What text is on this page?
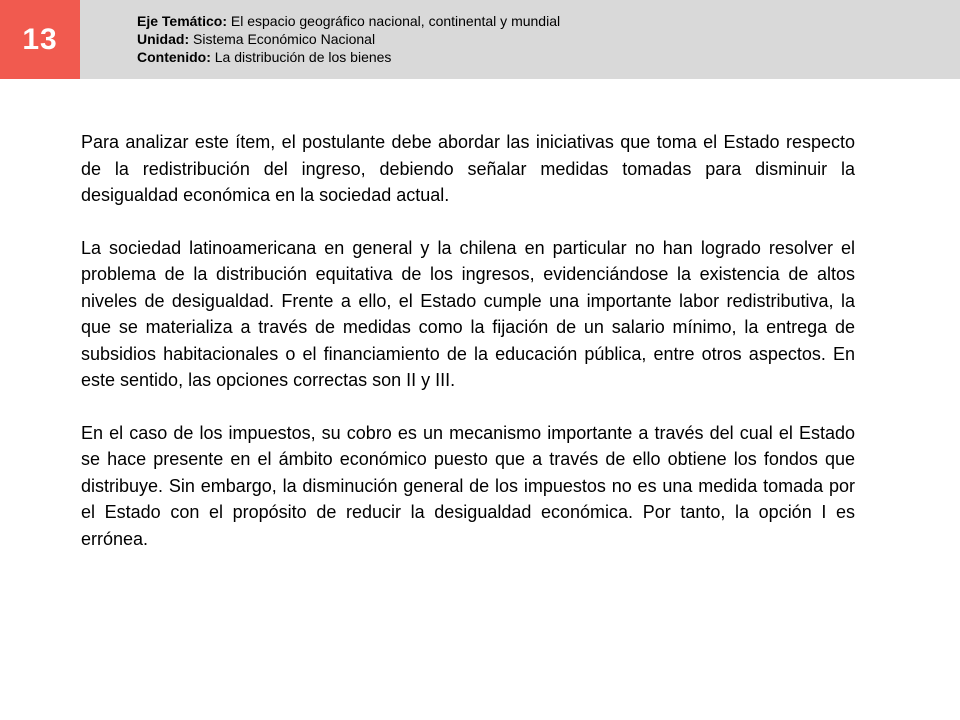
13
Eje Temático: El espacio geográfico nacional, continental y mundial
Unidad: Sistema Económico Nacional
Contenido: La distribución de los bienes

Para analizar este ítem, el postulante debe abordar las iniciativas que toma el Estado respecto de la redistribución del ingreso, debiendo señalar medidas tomadas para disminuir la desigualdad económica en la sociedad actual.

La sociedad latinoamericana en general y la chilena en particular no han logrado resolver el problema de la distribución equitativa de los ingresos, evidenciándose la existencia de altos niveles de desigualdad. Frente a ello, el Estado cumple una importante labor redistributiva, la que se materializa a través de medidas como la fijación de un salario mínimo, la entrega de subsidios habitacionales o el financiamiento de la educación pública, entre otros aspectos. En este sentido, las opciones correctas son II y III.

En el caso de los impuestos, su cobro es un mecanismo importante a través del cual el Estado se hace presente en el ámbito económico puesto que a través de ello obtiene los fondos que distribuye. Sin embargo, la disminución general de los impuestos no es una medida tomada por el Estado con el propósito de reducir la desigualdad económica. Por tanto, la opción I es errónea.
